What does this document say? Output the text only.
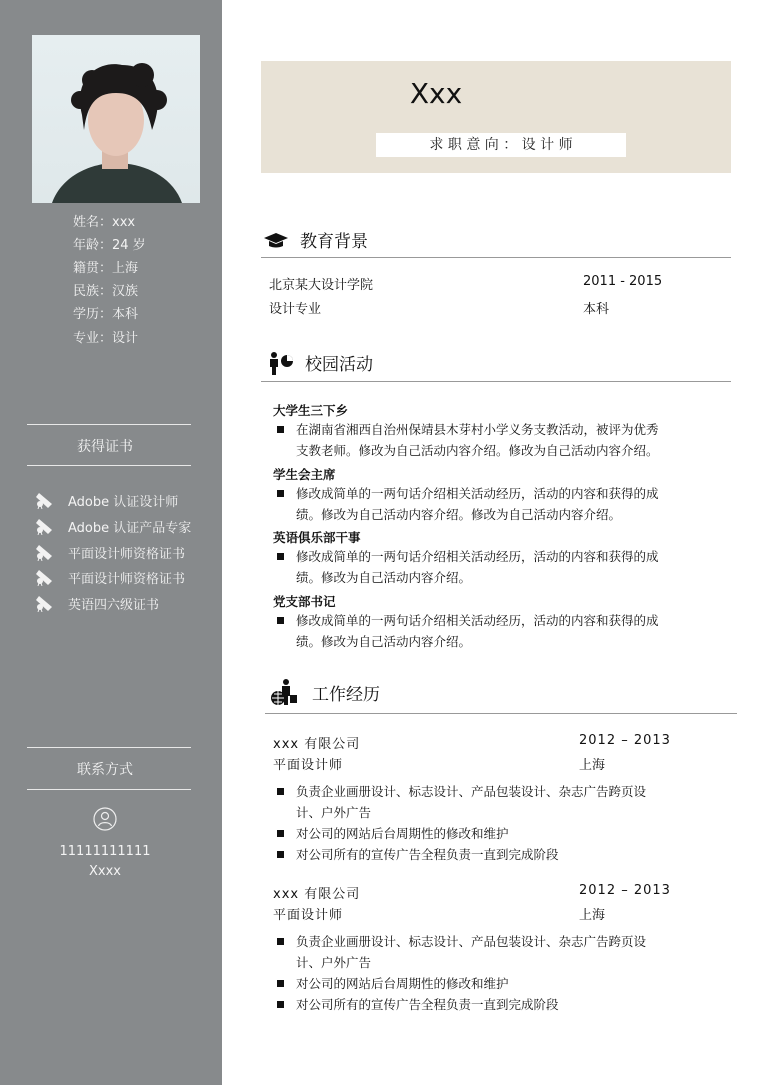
姓名：xxx
年龄：24 岁
籍贯：上海
民族：汉族
学历：本科
专业：设计
获得证书
Adobe 认证设计师
Adobe 认证产品专家
平面设计师资格证书
平面设计师资格证书
英语四六级证书
联系方式
11111111111
Xxxx
Xxx
求 职 意 向 ： 设 计 师
教育背景
北京某大设计学院	2011 - 2015
设计专业	本科
校园活动
大学生三下乡
在湖南省湘西自治州保靖县木芽村小学义务支教活动，被评为优秀支教老师。修改为自己活动内容介绍。修改为自己活动内容介绍。
学生会主席
修改成简单的一两句话介绍相关活动经历，活动的内容和获得的成绩。修改为自己活动内容介绍。修改为自己活动内容介绍。
英语俱乐部干事
修改成简单的一两句话介绍相关活动经历，活动的内容和获得的成绩。修改为自己活动内容介绍。
党支部书记
修改成简单的一两句话介绍相关活动经历，活动的内容和获得的成绩。修改为自己活动内容介绍。
工作经历
xxx 有限公司	2012 – 2013
平面设计师	上海
负责企业画册设计、标志设计、产品包装设计、杂志广告跨页设计、户外广告
对公司的网站后台周期性的修改和维护
对公司所有的宣传广告全程负责一直到完成阶段
xxx 有限公司	2012 – 2013
平面设计师	上海
负责企业画册设计、标志设计、产品包装设计、杂志广告跨页设计、户外广告
对公司的网站后台周期性的修改和维护
对公司所有的宣传广告全程负责一直到完成阶段
